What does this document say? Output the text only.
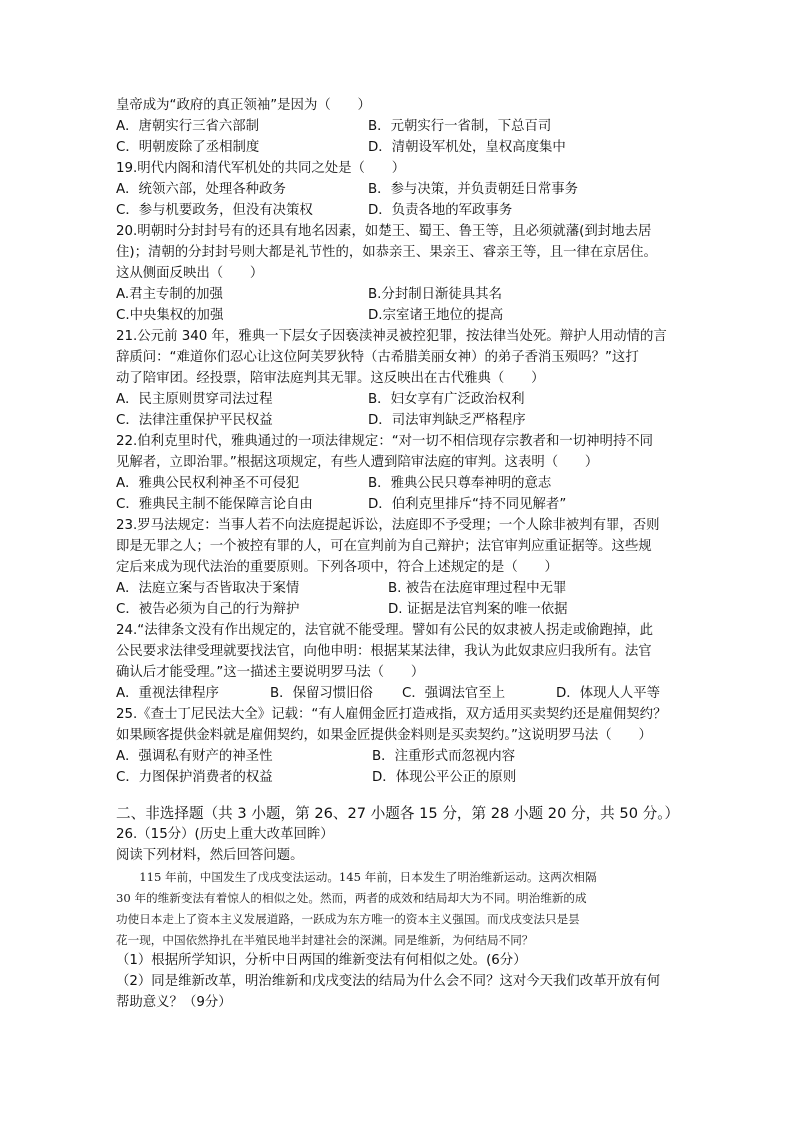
皇帝成为“政府的真正领袖”是因为（　　）
A．唐朝实行三省六部制	B．元朝实行一省制，下总百司
C．明朝废除了丞相制度	D．清朝设军机处，皇权高度集中
19.明代内阁和清代军机处的共同之处是（　　）
A．统领六部，处理各种政务	B．参与决策，并负责朝廷日常事务
C．参与机要政务，但没有决策权	D．负责各地的军政事务
20.明朝时分封封号有的还具有地名因素，如楚王、蜀王、鲁王等，且必须就藩(到封地去居
住)；清朝的分封封号则大都是礼节性的，如恭亲王、果亲王、睿亲王等，且一律在京居住。
这从侧面反映出（　　）
A.君主专制的加强	B.分封制日渐徒具其名
C.中央集权的加强	D.宗室诸王地位的提高
21.公元前 340 年，雅典一下层女子因亵渎神灵被控犯罪，按法律当处死。辩护人用动情的言
辞质问：“难道你们忍心让这位阿芙罗狄特（古希腊美丽女神）的弟子香消玉殒吗？”这打
动了陪审团。经投票，陪审法庭判其无罪。这反映出在古代雅典（　　）
A．民主原则贯穿司法过程	B．妇女享有广泛政治权利
C．法律注重保护平民权益	D．司法审判缺乏严格程序
22.伯利克里时代，雅典通过的一项法律规定：“对一切不相信现存宗教者和一切神明持不同
见解者，立即治罪。”根据这项规定，有些人遭到陪审法庭的审判。这表明（　　）
A．雅典公民权利神圣不可侵犯	B．雅典公民只尊奉神明的意志
C．雅典民主制不能保障言论自由	D．伯利克里排斥“持不同见解者”
23.罗马法规定：当事人若不向法庭提起诉讼，法庭即不予受理；一个人除非被判有罪，否则
即是无罪之人；一个被控有罪的人，可在宣判前为自己辩护；法官审判应重证据等。这些规
定后来成为现代法治的重要原则。下列各项中，符合上述规定的是（　　）
A．法庭立案与否皆取决于案情	B. 被告在法庭审理过程中无罪
C．被告必须为自己的行为辩护	D. 证据是法官判案的唯一依据
24.“法律条文没有作出规定的，法官就不能受理。譬如有公民的奴隶被人拐走或偷跑掉，此
公民要求法律受理就要找法官，向他申明：根据某某法律，我认为此奴隶应归我所有。法官
确认后才能受理。”这一描述主要说明罗马法（　　）
A．重视法律程序	B．保留习惯旧俗 C．强调法官至上	D．体现人人平等
25.《查士丁尼民法大全》记载：“有人雇佣金匠打造戒指，双方适用买卖契约还是雇佣契约？
如果顾客提供金料就是雇佣契约，如果金匠提供金料则是买卖契约。”这说明罗马法（　　）
A．强调私有财产的神圣性	B．注重形式而忽视内容
C．力图保护消费者的权益	D．体现公平公正的原则
二、非选择题（共 3 小题，第 26、27 小题各 15 分，第 28 小题 20 分，共 50 分。）
26.（15分）(历史上重大改革回眸）
阅读下列材料，然后回答问题。
　　115 年前，中国发生了戊戌变法运动。145 年前，日本发生了明治维新运动。这两次相隔
30 年的维新变法有着惊人的相似之处。然而，两者的成效和结局却大为不同。明治维新的成
功使日本走上了资本主义发展道路，一跃成为东方唯一的资本主义强国。而戊戌变法只是昙
花一现，中国依然挣扎在半殖民地半封建社会的深渊。同是维新，为何结局不同？
（1）根据所学知识，分析中日两国的维新变法有何相似之处。(6分）
（2）同是维新改革，明治维新和戊戌变法的结局为什么会不同？这对今天我们改革开放有何
帮助意义？（9分）
